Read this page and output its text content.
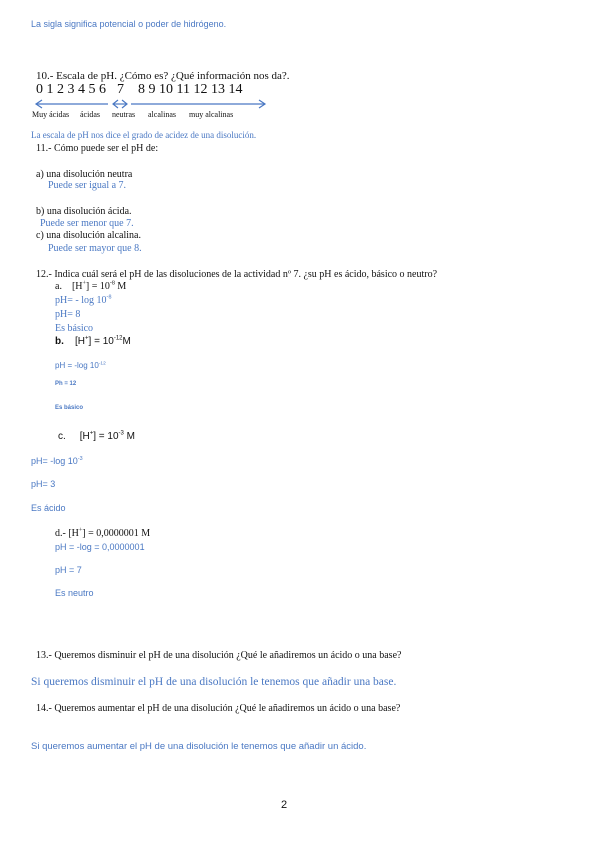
La sigla significa potencial o poder de hidrógeno.
10.- Escala de pH. ¿Cómo es? ¿Qué información nos da?.
0 1 2 3 4 5 6 7 8 9 10 11 12 13 14
Muy ácidas ácidas neutras alcalinas muy alcalinas
La escala de pH nos dice el grado de acidez de una disolución.
11.- Cómo puede ser el pH de:
a) una disolución neutra
Puede ser igual a 7.
b) una disolución ácida.
Puede ser menor que 7.
c) una disolución alcalina.
Puede ser mayor que 8.
12.- Indica cuál será el pH de las disoluciones de la actividad nº 7. ¿su pH es ácido, básico o neutro?
a. $[H^+] = 10^{-8}$ M
$pH= - \log 10^{-8}$
pH= 8
Es básico
b. $[H^+] = 10^{-12}M$
pH = -log $10^{-12}$
Ph = 12
Es básico
c. $[H^+] = 10^{-3}$ M
pH= -log $10^{-3}$
pH= 3
Es ácido
d.- [H+] = 0,0000001 M
pH = -log = 0,0000001
pH = 7
Es neutro
13.- Queremos disminuir el pH de una disolución ¿Qué le añadiremos un ácido o una base?
Si queremos disminuir el pH de una disolución le tenemos que añadir una base.
14.- Queremos aumentar el pH de una disolución ¿Qué le añadiremos un ácido o una base?
Si queremos aumentar el pH de una disolución le tenemos que añadir un ácido.
2
